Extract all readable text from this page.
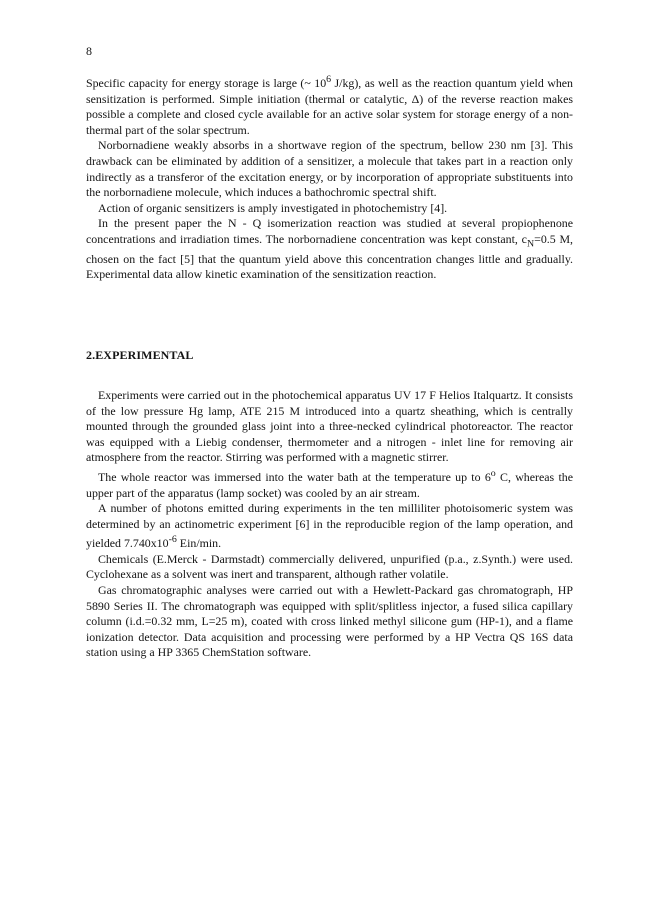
8

Specific capacity for energy storage is large (~ $10^6$ J/kg), as well as the reaction quantum yield when sensitization is performed. Simple initiation (thermal or catalytic, Δ) of the reverse reaction makes possible a complete and closed cycle available for an active solar system for storage energy of a non-thermal part of the solar spectrum.

Norbornadiene weakly absorbs in a shortwave region of the spectrum, bellow 230 nm [3]. This drawback can be eliminated by addition of a sensitizer, a molecule that takes part in a reaction only indirectly as a transferor of the excitation energy, or by incorporation of appropriate substituents into the norbornadiene molecule, which induces a bathochromic spectral shift.

Action of organic sensitizers is amply investigated in photochemistry [4].

In the present paper the N - Q isomerization reaction was studied at several propiophenone concentrations and irradiation times. The norbornadiene concentration was kept constant, $c_N=0.5$ M, chosen on the fact [5] that the quantum yield above this concentration changes little and gradually. Experimental data allow kinetic examination of the sensitization reaction.

2.EXPERIMENTAL

Experiments were carried out in the photochemical apparatus UV 17 F Helios Italquartz. It consists of the low pressure Hg lamp, ATE 215 M introduced into a quartz sheathing, which is centrally mounted through the grounded glass joint into a three-necked cylindrical photoreactor. The reactor was equipped with a Liebig condenser, thermometer and a nitrogen - inlet line for removing air atmosphere from the reactor. Stirring was performed with a magnetic stirrer.

The whole reactor was immersed into the water bath at the temperature up to 6$^o$ C, whereas the upper part of the apparatus (lamp socket) was cooled by an air stream.

A number of photons emitted during experiments in the ten milliliter photoisomeric system was determined by an actinometric experiment [6] in the reproducible region of the lamp operation, and yielded $7.740x10^{-6}$ Ein/min.

Chemicals (E.Merck - Darmstadt) commercially delivered, unpurified (p.a., z.Synth.) were used. Cyclohexane as a solvent was inert and transparent, although rather volatile.

Gas chromatographic analyses were carried out with a Hewlett-Packard gas chromatograph, HP 5890 Series II. The chromatograph was equipped with split/splitless injector, a fused silica capillary column (i.d.=0.32 mm, L=25 m), coated with cross linked methyl silicone gum (HP-1), and a flame ionization detector. Data acquisition and processing were performed by a HP Vectra QS 16S data station using a HP 3365 ChemStation software.
